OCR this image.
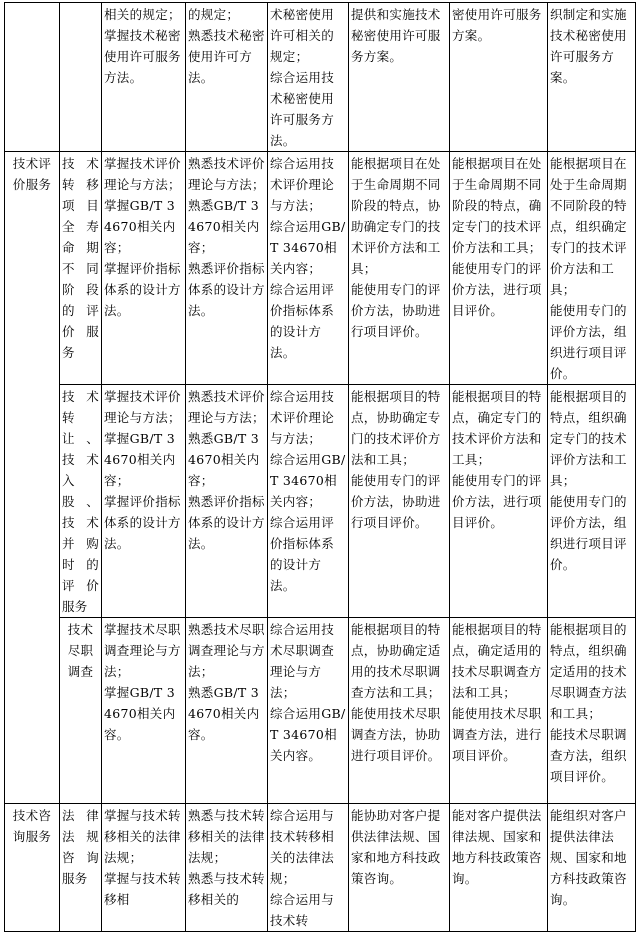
		相关的规定；
掌握技术秘密使用许可服务方法。	的规定；
熟悉技术秘密使用许可方法。	术秘密使用许可相关的规定；
综合运用技术秘密使用许可服务方法。	提供和实施技术秘密使用许可服务方案。	密使用许可服务方案。	织制定和实施技术秘密使用许可服务方案。
技术评价服务	技术转移项目全寿命期不同阶段的评价服务	掌握技术评价理论与方法；
掌握GB/T 34670相关内容；
掌握评价指标体系的设计方法。	熟悉技术评价理论与方法；
熟悉GB/T 34670相关内容；
熟悉评价指标体系的设计方法。	综合运用技术评价理论与方法；
综合运用GB/T 34670相关内容；
综合运用评价指标体系的设计方法。	能根据项目在处于生命周期不同阶段的特点，协助确定专门的技术评价方法和工具；
能使用专门的评价方法，协助进行项目评价。	能根据项目在处于生命周期不同阶段的特点，确定专门的技术评价方法和工具；
能使用专门的评价方法，进行项目评价。	能根据项目在处于生命周期不同阶段的特点，组织确定专门的技术评价方法和工具；
能使用专门的评价方法，组织进行项目评价。
	技术转让、技术入股、技术并购时的评价服务	掌握技术评价理论与方法；
掌握GB/T 34670相关内容；
掌握评价指标体系的设计方法。	熟悉技术评价理论与方法；
熟悉GB/T 34670相关内容；
熟悉评价指标体系的设计方法。	综合运用技术评价理论与方法；
综合运用GB/T 34670相关内容；
综合运用评价指标体系的设计方法。	能根据项目的特点，协助确定专门的技术评价方法和工具；
能使用专门的评价方法，协助进行项目评价。	能根据项目的特点，确定专门的技术评价方法和工具；
能使用专门的评价方法，进行项目评价。	能根据项目的特点，组织确定专门的技术评价方法和工具；
能使用专门的评价方法，组织进行项目评价。
	技术尽职调查	掌握技术尽职调查理论与方法；
掌握GB/T 34670相关内容。	熟悉技术尽职调查理论与方法；
熟悉GB/T 34670相关内容。	综合运用技术尽职调查理论与方法；
综合运用GB/T 34670相关内容。	能根据项目的特点，协助确定适用的技术尽职调查方法和工具；
能使用技术尽职调查方法，协助进行项目评价。	能根据项目的特点，确定适用的技术尽职调查方法和工具；
能使用技术尽职调查方法，进行项目评价。	能根据项目的特点，组织确定适用的技术尽职调查方法和工具；
能技术尽职调查方法，组织项目评价。
技术咨询服务	法律法规咨询服务	掌握与技术转移相关的法律法规；
掌握与技术转移相	熟悉与技术转移相关的法律法规；
熟悉与技术转移相关的	综合运用与技术转移相关的法律法规；
综合运用与技术转	能协助对客户提供法律法规、国家和地方科技政策咨询。	能对客户提供法律法规、国家和地方科技政策咨询。	能组织对客户提供法律法规、国家和地方科技政策咨询。
